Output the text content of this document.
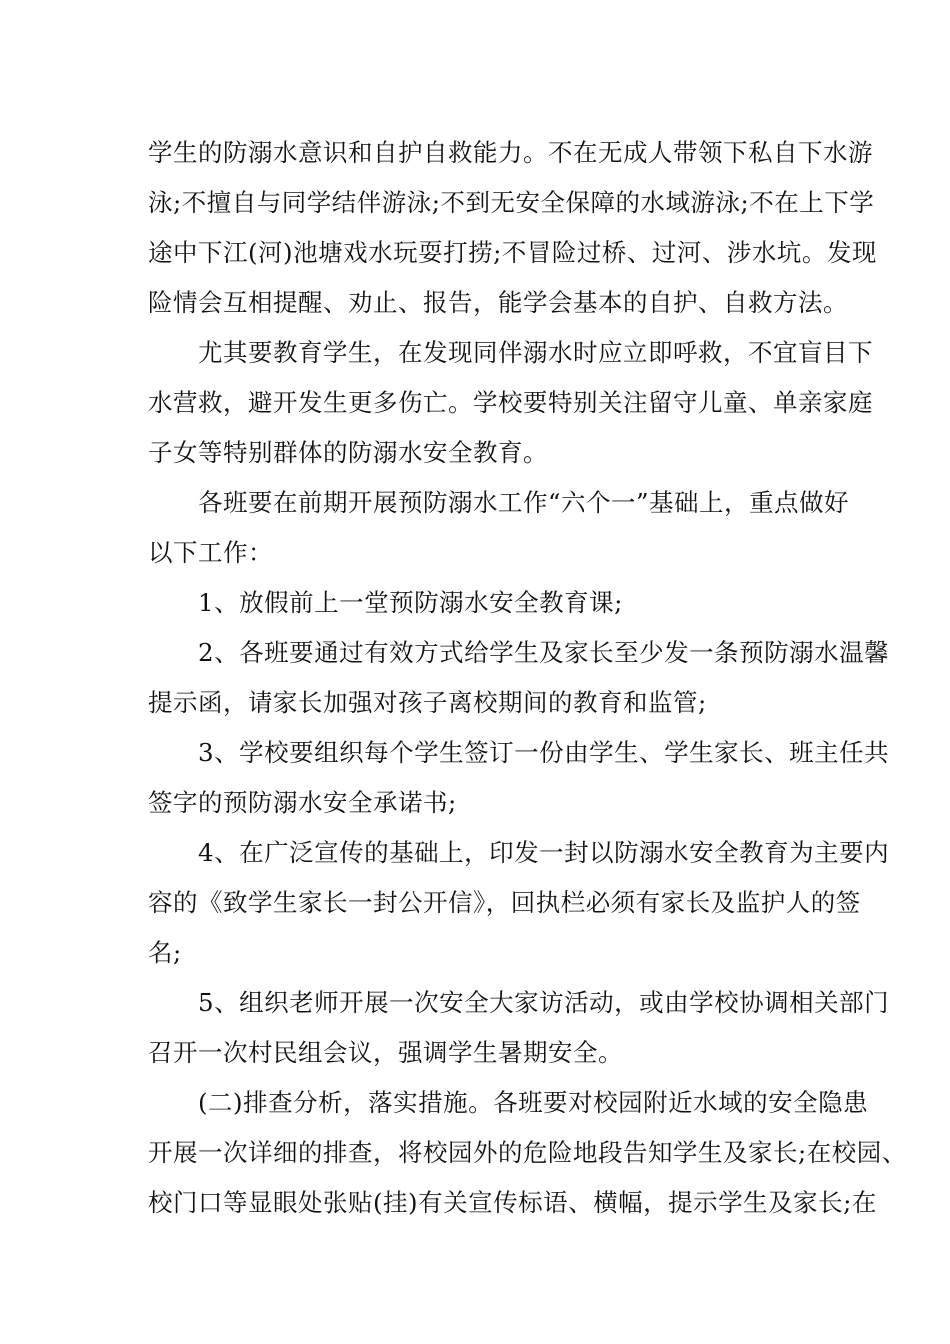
学生的防溺水意识和自护自救能力。不在无成人带领下私自下水游
泳;不擅自与同学结伴游泳;不到无安全保障的水域游泳;不在上下学
途中下江(河)池塘戏水玩耍打捞;不冒险过桥、过河、涉水坑。发现
险情会互相提醒、劝止、报告，能学会基本的自护、自救方法。
　　尤其要教育学生，在发现同伴溺水时应立即呼救，不宜盲目下
水营救，避开发生更多伤亡。学校要特别关注留守儿童、单亲家庭
子女等特别群体的防溺水安全教育。
　　各班要在前期开展预防溺水工作“六个一”基础上，重点做好
以下工作：
　　1、放假前上一堂预防溺水安全教育课;
　　2、各班要通过有效方式给学生及家长至少发一条预防溺水温馨
提示函，请家长加强对孩子离校期间的教育和监管;
　　3、学校要组织每个学生签订一份由学生、学生家长、班主任共
签字的预防溺水安全承诺书;
　　4、在广泛宣传的基础上，印发一封以防溺水安全教育为主要内
容的《致学生家长一封公开信》，回执栏必须有家长及监护人的签
名;
　　5、组织老师开展一次安全大家访活动，或由学校协调相关部门
召开一次村民组会议，强调学生暑期安全。
　　(二)排查分析，落实措施。各班要对校园附近水域的安全隐患
开展一次详细的排查，将校园外的危险地段告知学生及家长;在校园、
校门口等显眼处张贴(挂)有关宣传标语、横幅，提示学生及家长;在
